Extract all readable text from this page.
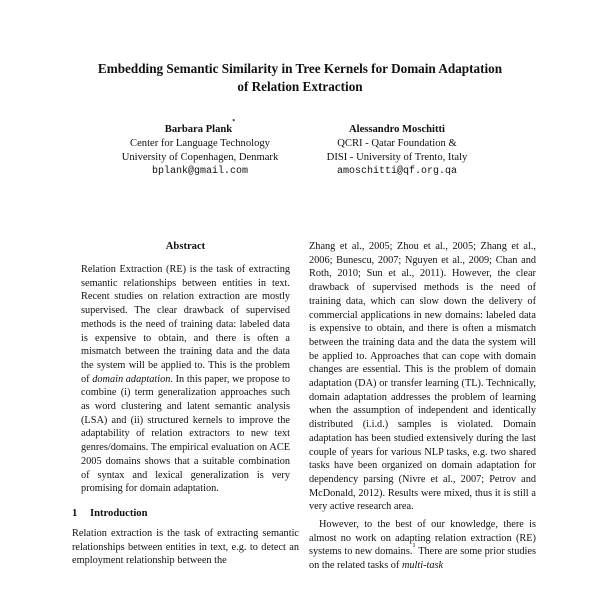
Embedding Semantic Similarity in Tree Kernels for Domain Adaptation
of Relation Extraction
Barbara Plank*
Center for Language Technology
University of Copenhagen, Denmark
bplank@gmail.com
Alessandro Moschitti
QCRI - Qatar Foundation &
DISI - University of Trento, Italy
amoschitti@qf.org.qa
Abstract

Relation Extraction (RE) is the task of extracting semantic relationships between entities in text. Recent studies on relation extraction are mostly supervised. The clear drawback of supervised methods is the need of training data: labeled data is expensive to obtain, and there is often a mismatch between the training data and the data the system will be applied to. This is the problem of domain adaptation. In this paper, we propose to combine (i) term generalization approaches such as word clustering and latent semantic analysis (LSA) and (ii) structured kernels to improve the adaptability of relation extractors to new text genres/domains. The empirical evaluation on ACE 2005 domains shows that a suitable combination of syntax and lexical generalization is very promising for domain adaptation.

1 Introduction

Relation extraction is the task of extracting semantic relationships between entities in text, e.g. to detect an employment relationship between the

Zhang et al., 2005; Zhou et al., 2005; Zhang et al., 2006; Bunescu, 2007; Nguyen et al., 2009; Chan and Roth, 2010; Sun et al., 2011). However, the clear drawback of supervised methods is the need of training data, which can slow down the delivery of commercial applications in new domains: labeled data is expensive to obtain, and there is often a mismatch between the training data and the data the system will be applied to. Approaches that can cope with domain changes are essential. This is the problem of domain adaptation (DA) or transfer learning (TL). Technically, domain adaptation addresses the problem of learning when the assumption of independent and identically distributed (i.i.d.) samples is violated. Domain adaptation has been studied extensively during the last couple of years for various NLP tasks, e.g. two shared tasks have been organized on domain adaptation for dependency parsing (Nivre et al., 2007; Petrov and McDonald, 2012). Results were mixed, thus it is still a very active research area.

However, to the best of our knowledge, there is almost no work on adapting relation extraction (RE) systems to new domains.$^1$ There are some prior studies on the related tasks of multi-task
